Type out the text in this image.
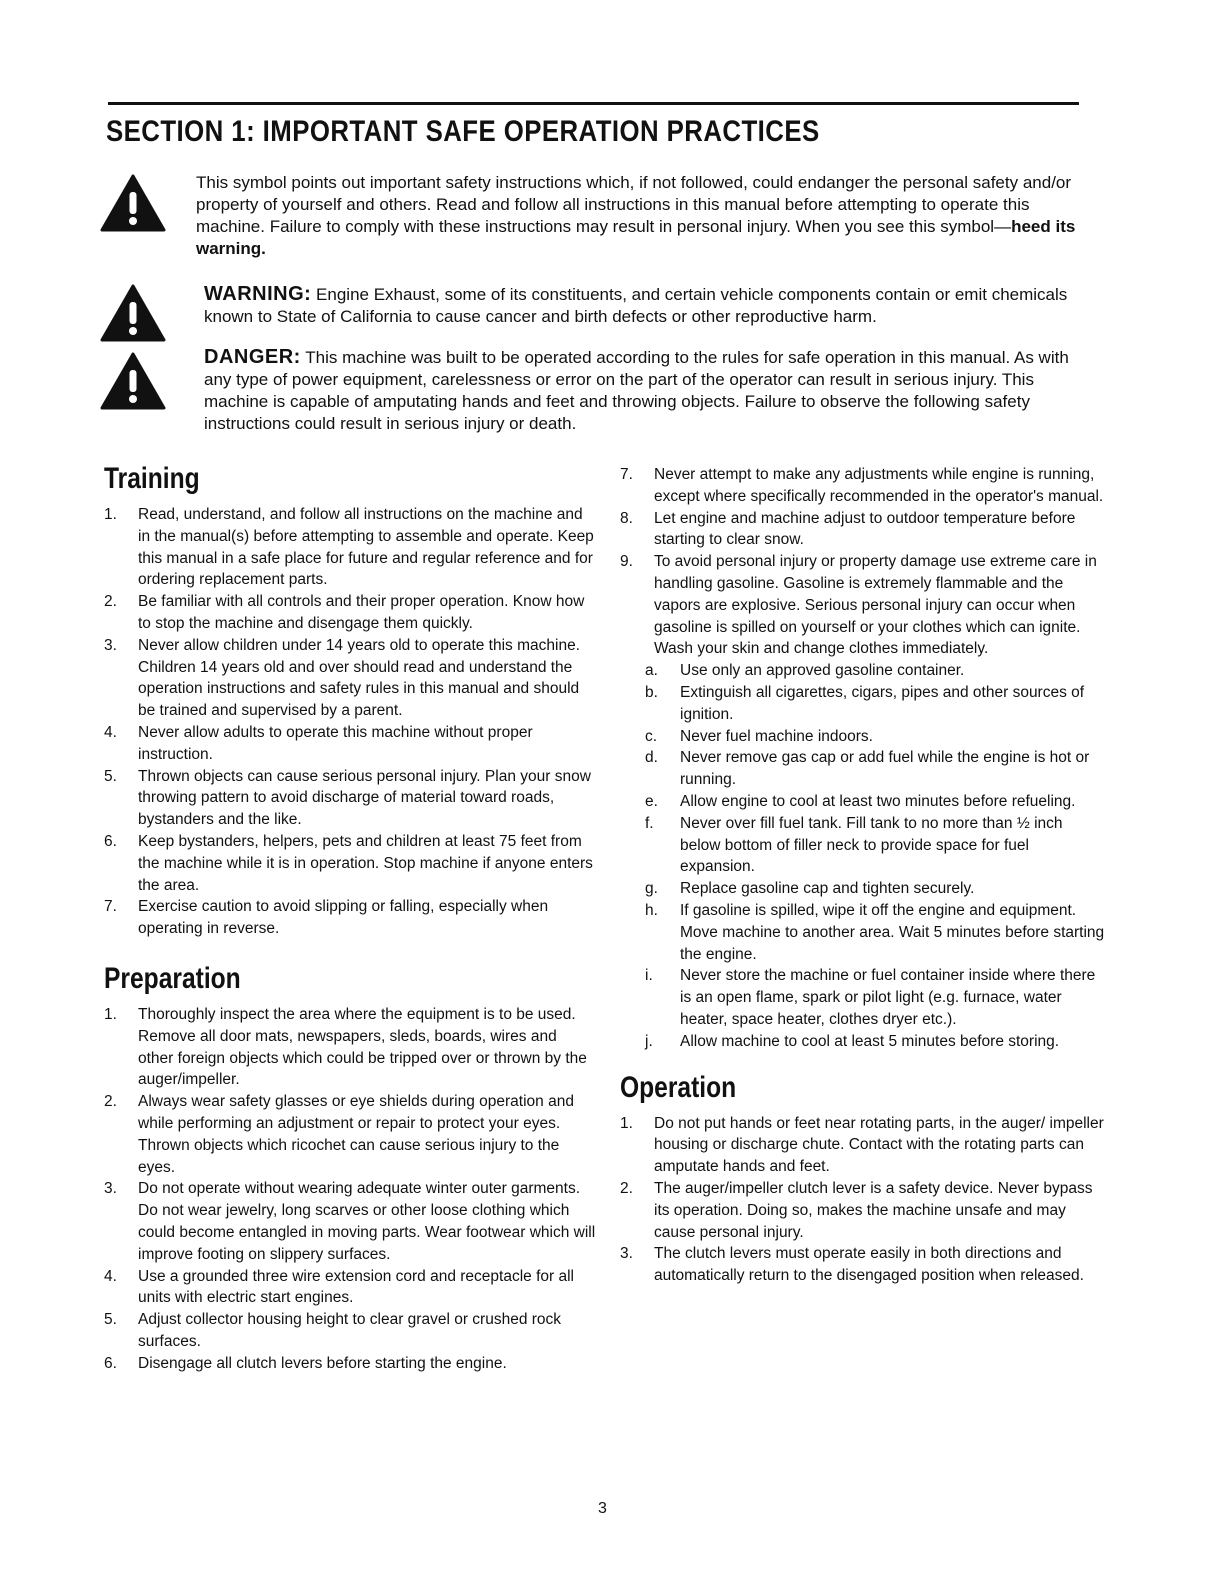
SECTION 1: IMPORTANT SAFE OPERATION PRACTICES

This symbol points out important safety instructions which, if not followed, could endanger the personal safety and/or property of yourself and others. Read and follow all instructions in this manual before attempting to operate this machine. Failure to comply with these instructions may result in personal injury. When you see this symbol—heed its warning.

WARNING: Engine Exhaust, some of its constituents, and certain vehicle components contain or emit chemicals known to State of California to cause cancer and birth defects or other reproductive harm.

DANGER: This machine was built to be operated according to the rules for safe operation in this manual. As with any type of power equipment, carelessness or error on the part of the operator can result in serious injury. This machine is capable of amputating hands and feet and throwing objects. Failure to observe the following safety instructions could result in serious injury or death.

Training
1. Read, understand, and follow all instructions on the machine and in the manual(s) before attempting to assemble and operate. Keep this manual in a safe place for future and regular reference and for ordering replacement parts.
2. Be familiar with all controls and their proper operation. Know how to stop the machine and disengage them quickly.
3. Never allow children under 14 years old to operate this machine. Children 14 years old and over should read and understand the operation instructions and safety rules in this manual and should be trained and supervised by a parent.
4. Never allow adults to operate this machine without proper instruction.
5. Thrown objects can cause serious personal injury. Plan your snow throwing pattern to avoid discharge of material toward roads, bystanders and the like.
6. Keep bystanders, helpers, pets and children at least 75 feet from the machine while it is in operation. Stop machine if anyone enters the area.
7. Exercise caution to avoid slipping or falling, especially when operating in reverse.
Preparation
1. Thoroughly inspect the area where the equipment is to be used. Remove all door mats, newspapers, sleds, boards, wires and other foreign objects which could be tripped over or thrown by the auger/impeller.
2. Always wear safety glasses or eye shields during operation and while performing an adjustment or repair to protect your eyes. Thrown objects which ricochet can cause serious injury to the eyes.
3. Do not operate without wearing adequate winter outer garments. Do not wear jewelry, long scarves or other loose clothing which could become entangled in moving parts. Wear footwear which will improve footing on slippery surfaces.
4. Use a grounded three wire extension cord and receptacle for all units with electric start engines.
5. Adjust collector housing height to clear gravel or crushed rock surfaces.
6. Disengage all clutch levers before starting the engine.
7. Never attempt to make any adjustments while engine is running, except where specifically recommended in the operator's manual.
8. Let engine and machine adjust to outdoor temperature before starting to clear snow.
9. To avoid personal injury or property damage use extreme care in handling gasoline. Gasoline is extremely flammable and the vapors are explosive. Serious personal injury can occur when gasoline is spilled on yourself or your clothes which can ignite. Wash your skin and change clothes immediately.
a. Use only an approved gasoline container.
b. Extinguish all cigarettes, cigars, pipes and other sources of ignition.
c. Never fuel machine indoors.
d. Never remove gas cap or add fuel while the engine is hot or running.
e. Allow engine to cool at least two minutes before refueling.
f. Never over fill fuel tank. Fill tank to no more than ½ inch below bottom of filler neck to provide space for fuel expansion.
g. Replace gasoline cap and tighten securely.
h. If gasoline is spilled, wipe it off the engine and equipment. Move machine to another area. Wait 5 minutes before starting the engine.
i. Never store the machine or fuel container inside where there is an open flame, spark or pilot light (e.g. furnace, water heater, space heater, clothes dryer etc.).
j. Allow machine to cool at least 5 minutes before storing.
Operation
1. Do not put hands or feet near rotating parts, in the auger/ impeller housing or discharge chute. Contact with the rotating parts can amputate hands and feet.
2. The auger/impeller clutch lever is a safety device. Never bypass its operation. Doing so, makes the machine unsafe and may cause personal injury.
3. The clutch levers must operate easily in both directions and automatically return to the disengaged position when released.
3
